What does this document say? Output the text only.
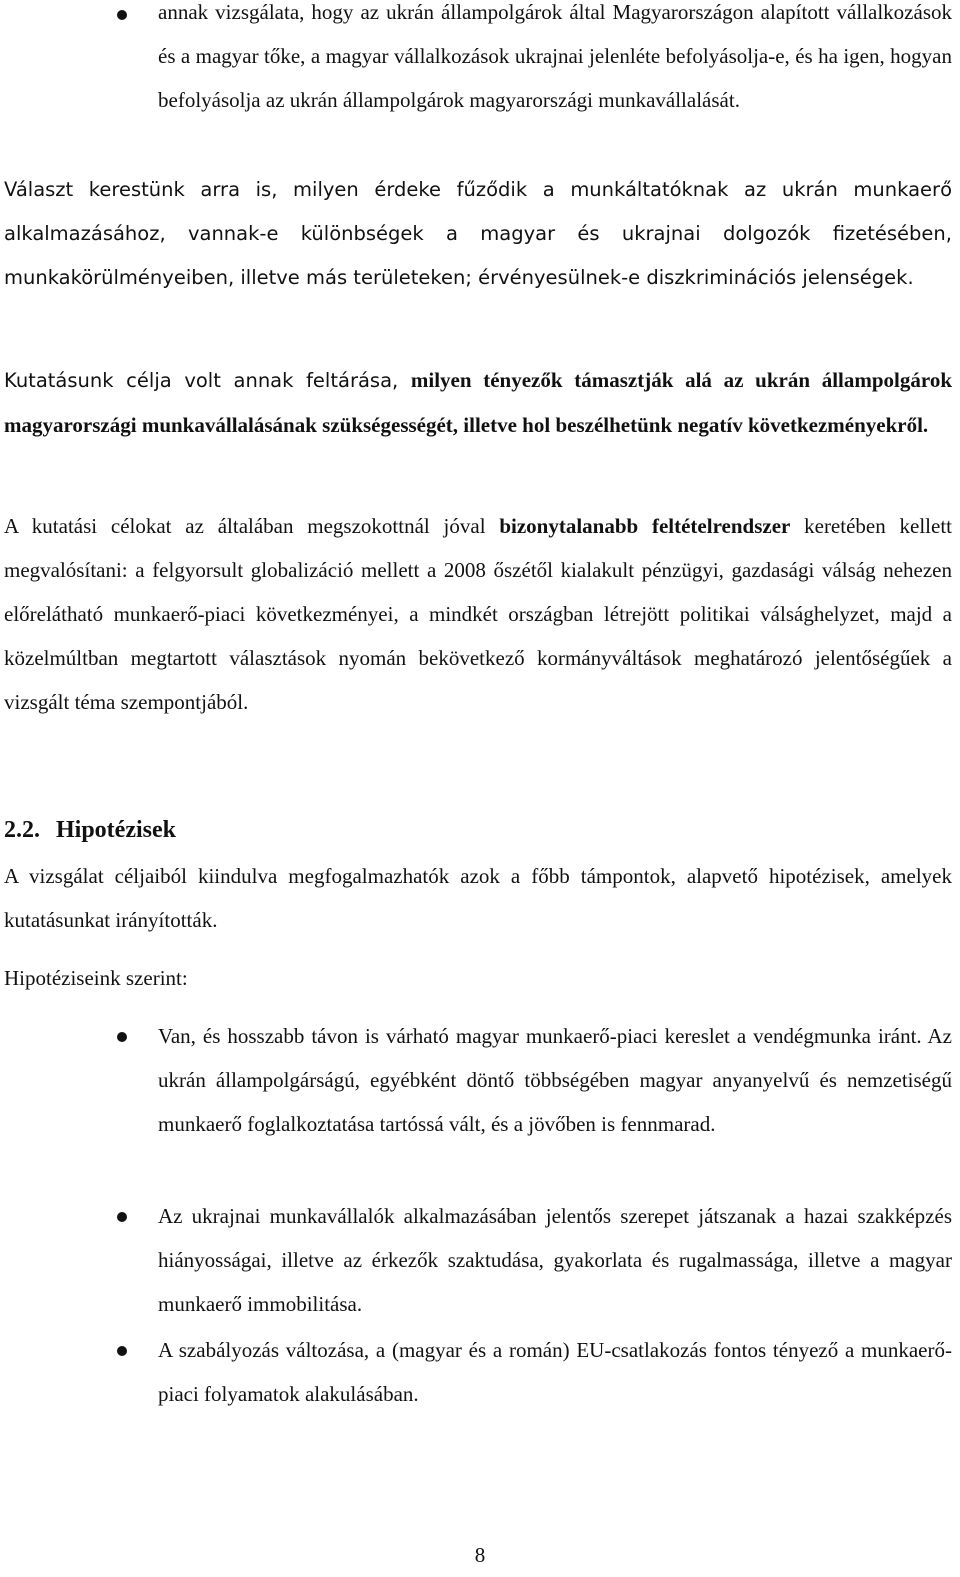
annak vizsgálata, hogy az ukrán állampolgárok által Magyarországon alapított vállalkozások és a magyar tőke, a magyar vállalkozások ukrajnai jelenléte befolyásolja-e, és ha igen, hogyan befolyásolja az ukrán állampolgárok magyarországi munkavállalását.

Választ kerestünk arra is, milyen érdeke fűződik a munkáltatóknak az ukrán munkaerő alkalmazásához, vannak-e különbségek a magyar és ukrajnai dolgozók fizetésében, munkakörülményeiben, illetve más területeken; érvényesülnek-e diszkriminációs jelenségek.

Kutatásunk célja volt annak feltárása, milyen tényezők támasztják alá az ukrán állampolgárok magyarországi munkavállalásának szükségességét, illetve hol beszélhetünk negatív következményekről.

A kutatási célokat az általában megszokottnál jóval bizonytalanabb feltételrendszer keretében kellett megvalósítani: a felgyorsult globalizáció mellett a 2008 őszétől kialakult pénzügyi, gazdasági válság nehezen előrelátható munkaerő-piaci következményei, a mindkét országban létrejött politikai válsághelyzet, majd a közelmúltban megtartott választások nyomán bekövetkező kormányváltások meghatározó jelentőségűek a vizsgált téma szempontjából.

2.2. Hipotézisek

A vizsgálat céljaiból kiindulva megfogalmazhatók azok a főbb támpontok, alapvető hipotézisek, amelyek kutatásunkat irányították.

Hipotéziseink szerint:

Van, és hosszabb távon is várható magyar munkaerő-piaci kereslet a vendégmunka iránt. Az ukrán állampolgárságú, egyébként döntő többségében magyar anyanyelvű és nemzetiségű munkaerő foglalkoztatása tartóssá vált, és a jövőben is fennmarad.

Az ukrajnai munkavállalók alkalmazásában jelentős szerepet játszanak a hazai szakképzés hiányosságai, illetve az érkezők szaktudása, gyakorlata és rugalmassága, illetve a magyar munkaerő immobilitása.

A szabályozás változása, a (magyar és a román) EU-csatlakozás fontos tényező a munkaerő-piaci folyamatok alakulásában.

8
